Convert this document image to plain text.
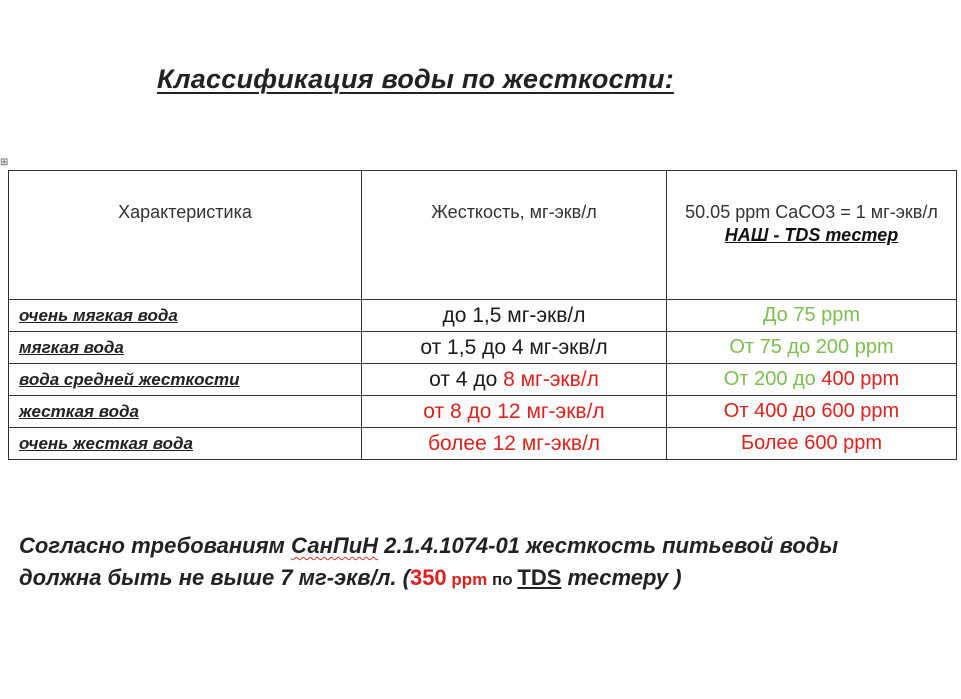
Классификация воды по жесткости:
⊞
Характеристика	Жесткость, мг-экв/л	50.05 ppm CaCO3 = 1 мг-экв/л
НАШ - TDS тестер

очень мягкая вода	до 1,5 мг-экв/л	До 75 ppm
мягкая вода	от 1,5 до 4 мг-экв/л	От 75 до 200 ppm
вода средней жесткости	от 4 до 8 мг-экв/л	От 200 до 400 ppm
жесткая вода	от 8 до 12 мг-экв/л	От 400 до 600 ppm
очень жесткая вода	более 12 мг-экв/л	Более 600 ppm
Согласно требованиям СанПиН 2.1.4.1074-01 жесткость питьевой воды должна быть не выше 7 мг-экв/л. (350 ppm по TDS тестеру )
